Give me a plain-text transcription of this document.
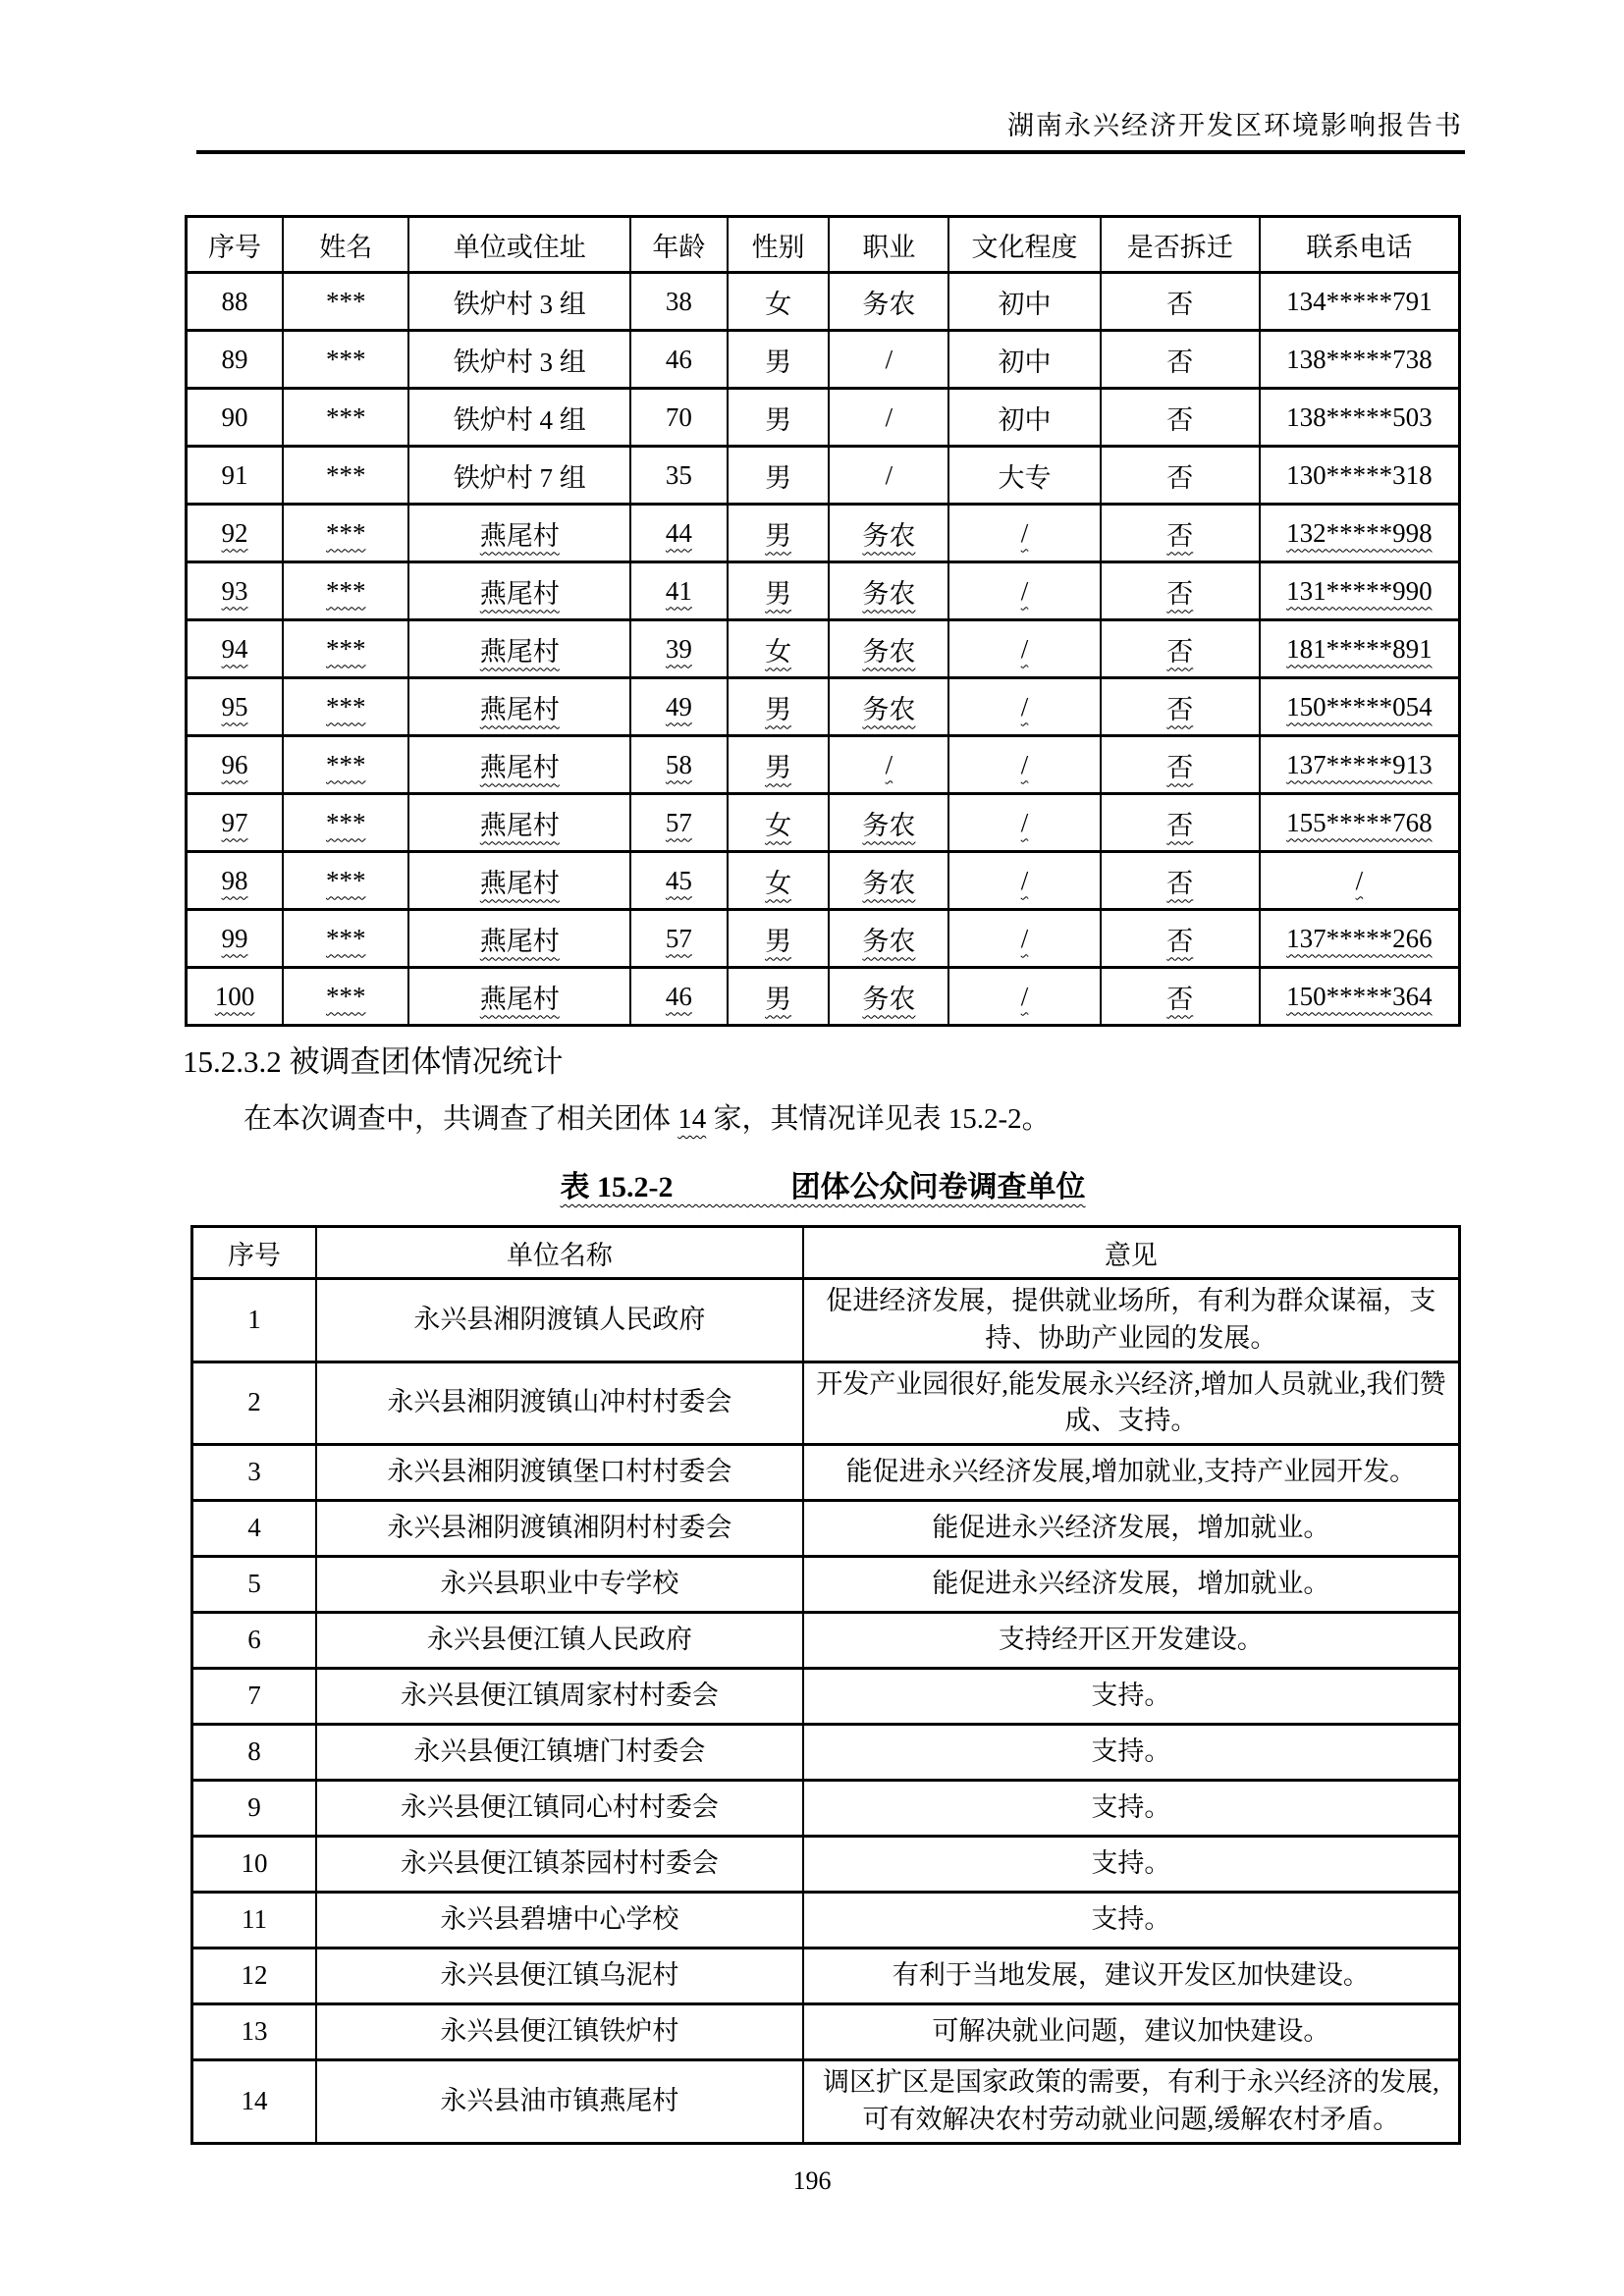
湖南永兴经济开发区环境影响报告书
序号	姓名	单位或住址	年龄	性别	职业	文化程度	是否拆迁	联系电话
88	***	铁炉村 3 组	38	女	务农	初中	否	134*****791
89	***	铁炉村 3 组	46	男	/	初中	否	138*****738
90	***	铁炉村 4 组	70	男	/	初中	否	138*****503
91	***	铁炉村 7 组	35	男	/	大专	否	130*****318
92	***	燕尾村	44	男	务农	/	否	132*****998
93	***	燕尾村	41	男	务农	/	否	131*****990
94	***	燕尾村	39	女	务农	/	否	181*****891
95	***	燕尾村	49	男	务农	/	否	150*****054
96	***	燕尾村	58	男	/	/	否	137*****913
97	***	燕尾村	57	女	务农	/	否	155*****768
98	***	燕尾村	45	女	务农	/	否	/
99	***	燕尾村	57	男	务农	/	否	137*****266
100	***	燕尾村	46	男	务农	/	否	150*****364
15.2.3.2 被调查团体情况统计
在本次调查中，共调查了相关团体 14 家，其情况详见表 15.2-2。
表 15.2-2　　　　团体公众问卷调查单位
序号	单位名称	意见
1	永兴县湘阴渡镇人民政府	促进经济发展，提供就业场所，有利为群众谋福，支持、协助产业园的发展。
2	永兴县湘阴渡镇山冲村村委会	开发产业园很好,能发展永兴经济,增加人员就业,我们赞成、支持。
3	永兴县湘阴渡镇堡口村村委会	能促进永兴经济发展,增加就业,支持产业园开发。
4	永兴县湘阴渡镇湘阴村村委会	能促进永兴经济发展，增加就业。
5	永兴县职业中专学校	能促进永兴经济发展，增加就业。
6	永兴县便江镇人民政府	支持经开区开发建设。
7	永兴县便江镇周家村村委会	支持。
8	永兴县便江镇塘门村委会	支持。
9	永兴县便江镇同心村村委会	支持。
10	永兴县便江镇茶园村村委会	支持。
11	永兴县碧塘中心学校	支持。
12	永兴县便江镇乌泥村	有利于当地发展，建议开发区加快建设。
13	永兴县便江镇铁炉村	可解决就业问题，建议加快建设。
14	永兴县油市镇燕尾村	调区扩区是国家政策的需要，有利于永兴经济的发展,可有效解决农村劳动就业问题,缓解农村矛盾。
196
